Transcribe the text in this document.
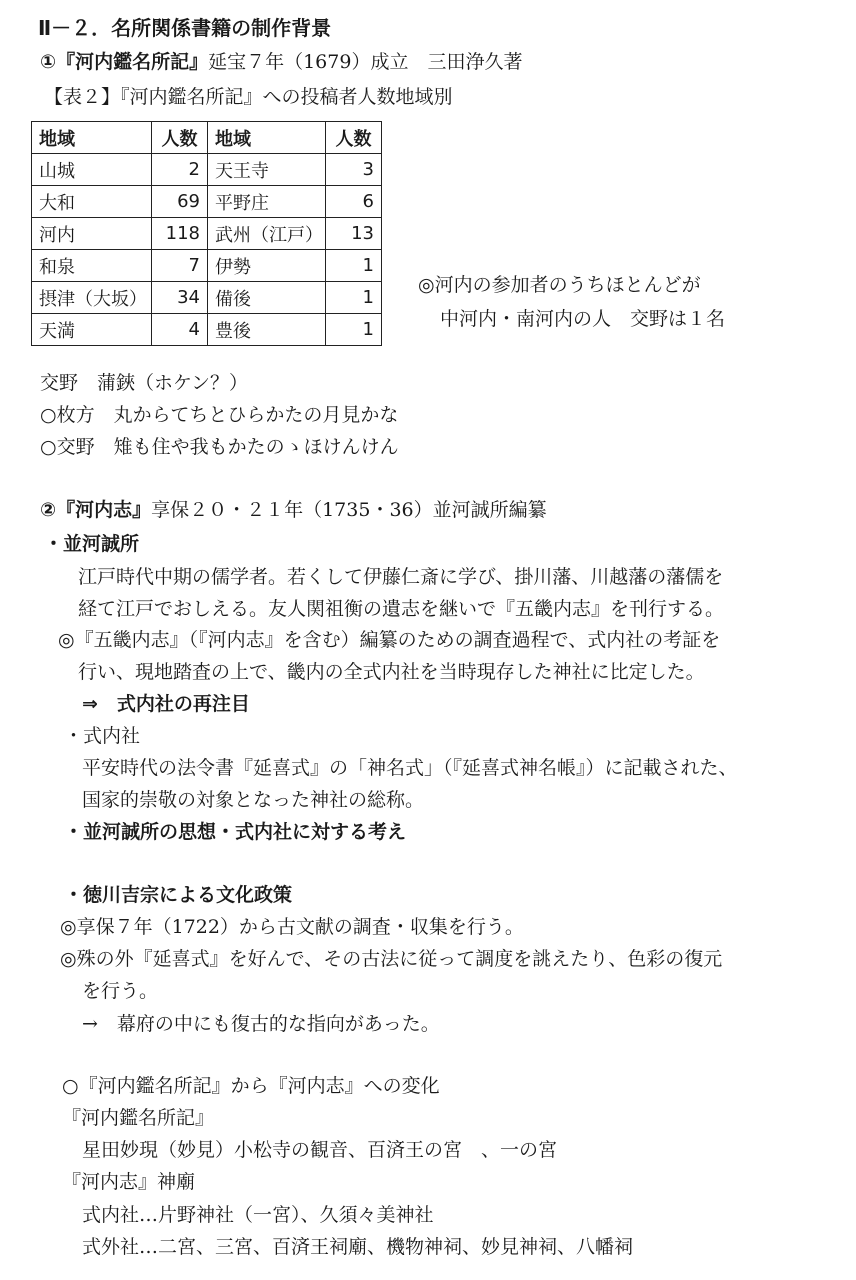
Ⅱ－２．名所関係書籍の制作背景
①『河内鑑名所記』延宝７年（1679）成立　三田浄久著
【表２】『河内鑑名所記』への投稿者人数地域別
地域	人数	地域	人数
山城	2	天王寺	3
大和	69	平野庄	6
河内	118	武州（江戸）	13
和泉	7	伊勢	1
摂津（大坂）	34	備後	1
天満	4	豊後	1
◎河内の参加者のうちほとんどが
中河内・南河内の人　交野は１名
交野　蒲鋏（ホケン？）
○枚方　丸からてちとひらかたの月見かな
○交野　雉も住や我もかたのゝほけんけん
②『河内志』享保２０・２１年（1735・36）並河誠所編纂
・並河誠所
江戸時代中期の儒学者。若くして伊藤仁斎に学び、掛川藩、川越藩の藩儒を
経て江戸でおしえる。友人関祖衡の遺志を継いで『五畿内志』を刊行する。
◎『五畿内志』（『河内志』を含む）編纂のための調査過程で、式内社の考証を
行い、現地踏査の上で、畿内の全式内社を当時現存した神社に比定した。
⇒　式内社の再注目
・式内社
平安時代の法令書『延喜式』の「神名式」（『延喜式神名帳』）に記載された、
国家的崇敬の対象となった神社の総称。
・並河誠所の思想・式内社に対する考え
・徳川吉宗による文化政策
◎享保７年（1722）から古文献の調査・収集を行う。
◎殊の外『延喜式』を好んで、その古法に従って調度を誂えたり、色彩の復元
を行う。
→　幕府の中にも復古的な指向があった。
○『河内鑑名所記』から『河内志』への変化
『河内鑑名所記』
星田妙現（妙見）小松寺の観音、百済王の宮　、一の宮
『河内志』神廟
式内社…片野神社（一宮）、久須々美神社
式外社…二宮、三宮、百済王祠廟、機物神祠、妙見神祠、八幡祠
